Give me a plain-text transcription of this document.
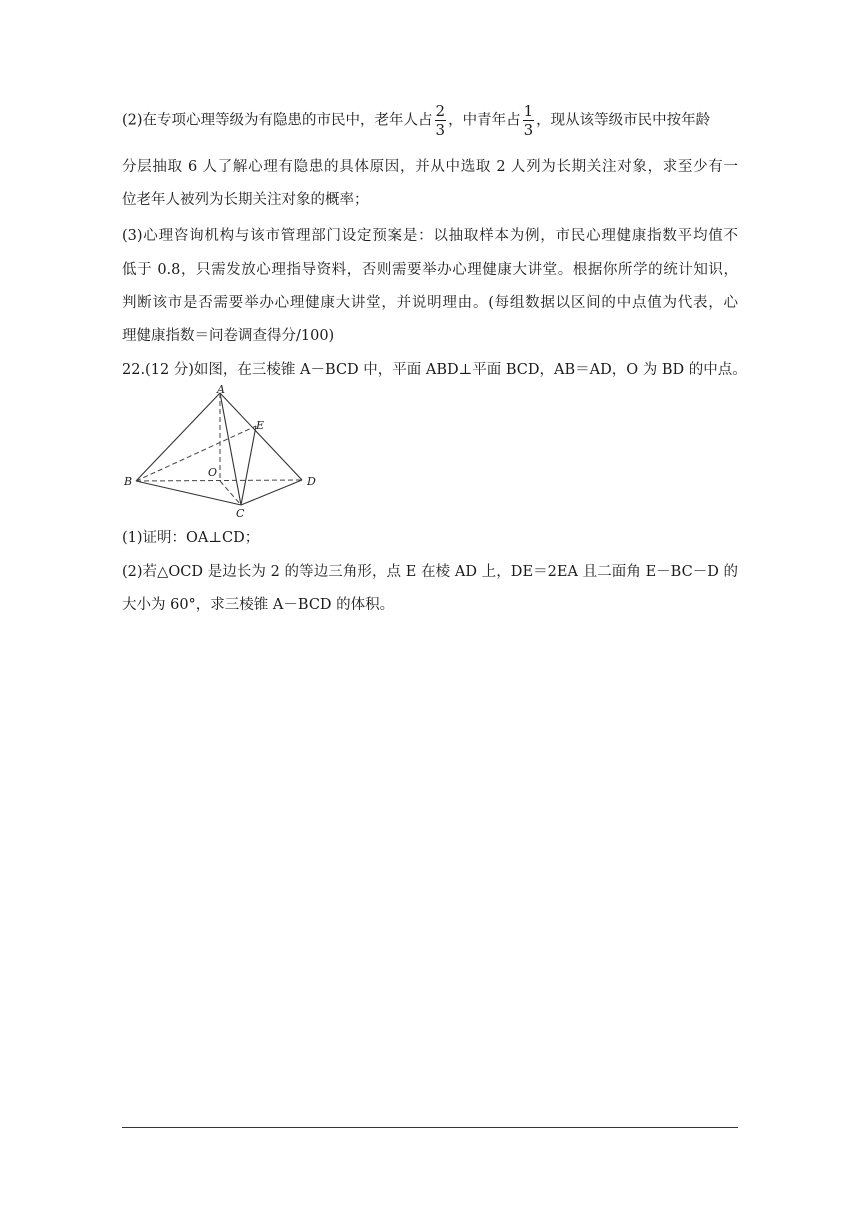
(2)在专项心理等级为有隐患的市民中，老年人占 $\frac{2}{3}$ ，中青年占 $\frac{1}{3}$ ，现从该等级市民中按年龄
分层抽取 6 人了解心理有隐患的具体原因，并从中选取 2 人列为长期关注对象，求至少有一
位老年人被列为长期关注对象的概率；
(3)心理咨询机构与该市管理部门设定预案是：以抽取样本为例，市民心理健康指数平均值不
低于 0.8，只需发放心理指导资料，否则需要举办心理健康大讲堂。根据你所学的统计知识，
判断该市是否需要举办心理健康大讲堂，并说明理由。(每组数据以区间的中点值为代表，心
理健康指数＝问卷调查得分/100)
22.(12 分)如图，在三棱锥 A－BCD 中，平面 ABD⊥平面 BCD，AB＝AD，O 为 BD 的中点。
A
B
C
D
E
O
(1)证明：OA⊥CD；
(2)若△OCD 是边长为 2 的等边三角形，点 E 在棱 AD 上，DE＝2EA 且二面角 E－BC－D 的
大小为 60°，求三棱锥 A－BCD 的体积。
